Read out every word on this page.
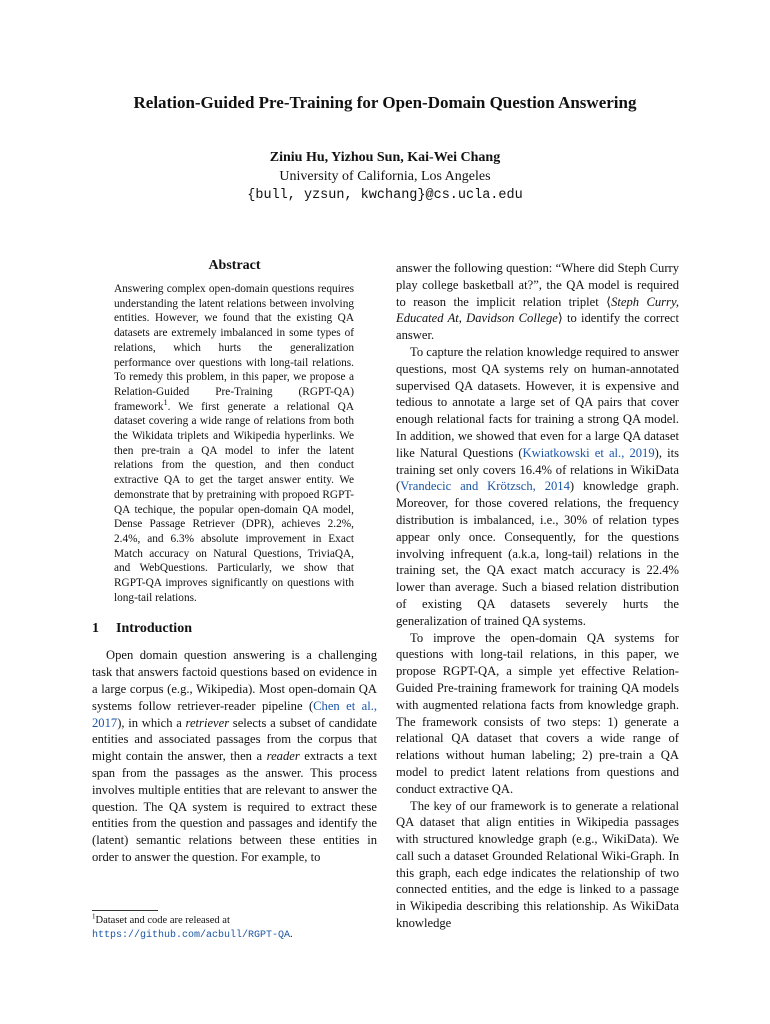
Relation-Guided Pre-Training for Open-Domain Question Answering
Ziniu Hu, Yizhou Sun, Kai-Wei Chang
University of California, Los Angeles
{bull, yzsun, kwchang}@cs.ucla.edu
Abstract
Answering complex open-domain questions requires understanding the latent relations between involving entities. However, we found that the existing QA datasets are extremely imbalanced in some types of relations, which hurts the generalization performance over questions with long-tail relations. To remedy this problem, in this paper, we propose a Relation-Guided Pre-Training (RGPT-QA) framework$^1$. We first generate a relational QA dataset covering a wide range of relations from both the Wikidata triplets and Wikipedia hyperlinks. We then pre-train a QA model to infer the latent relations from the question, and then conduct extractive QA to get the target answer entity. We demonstrate that by pretraining with propoed RGPT-QA techique, the popular open-domain QA model, Dense Passage Retriever (DPR), achieves 2.2%, 2.4%, and 6.3% absolute improvement in Exact Match accuracy on Natural Questions, TriviaQA, and WebQuestions. Particularly, we show that RGPT-QA improves significantly on questions with long-tail relations.
1 Introduction

Open domain question answering is a challenging task that answers factoid questions based on evidence in a large corpus (e.g., Wikipedia). Most open-domain QA systems follow retriever-reader pipeline (Chen et al., 2017), in which a retriever selects a subset of candidate entities and associated passages from the corpus that might contain the answer, then a reader extracts a text span from the passages as the answer. This process involves multiple entities that are relevant to answer the question. The QA system is required to extract these entities from the question and passages and identify the (latent) semantic relations between these entities in order to answer the question. For example, to

$^1$Dataset and code are released at https://github.com/acbull/RGPT-QA.

answer the following question: “Where did Steph Curry play college basketball at?”, the QA model is required to reason the implicit relation triplet ⟨Steph Curry, Educated At, Davidson College⟩ to identify the correct answer.

To capture the relation knowledge required to answer questions, most QA systems rely on human-annotated supervised QA datasets. However, it is expensive and tedious to annotate a large set of QA pairs that cover enough relational facts for training a strong QA model. In addition, we showed that even for a large QA dataset like Natural Questions (Kwiatkowski et al., 2019), its training set only covers 16.4% of relations in WikiData (Vrandecic and Krötzsch, 2014) knowledge graph. Moreover, for those covered relations, the frequency distribution is imbalanced, i.e., 30% of relation types appear only once. Consequently, for the questions involving infrequent (a.k.a, long-tail) relations in the training set, the QA exact match accuracy is 22.4% lower than average. Such a biased relation distribution of existing QA datasets severely hurts the generalization of trained QA systems.

To improve the open-domain QA systems for questions with long-tail relations, in this paper, we propose RGPT-QA, a simple yet effective Relation-Guided Pre-training framework for training QA models with augmented relationa facts from knowledge graph. The framework consists of two steps: 1) generate a relational QA dataset that covers a wide range of relations without human labeling; 2) pre-train a QA model to predict latent relations from questions and conduct extractive QA.

The key of our framework is to generate a relational QA dataset that align entities in Wikipedia passages with structured knowledge graph (e.g., WikiData). We call such a dataset Grounded Relational Wiki-Graph. In this graph, each edge indicates the relationship of two connected entities, and the edge is linked to a passage in Wikipedia describing this relationship. As WikiData knowledge
